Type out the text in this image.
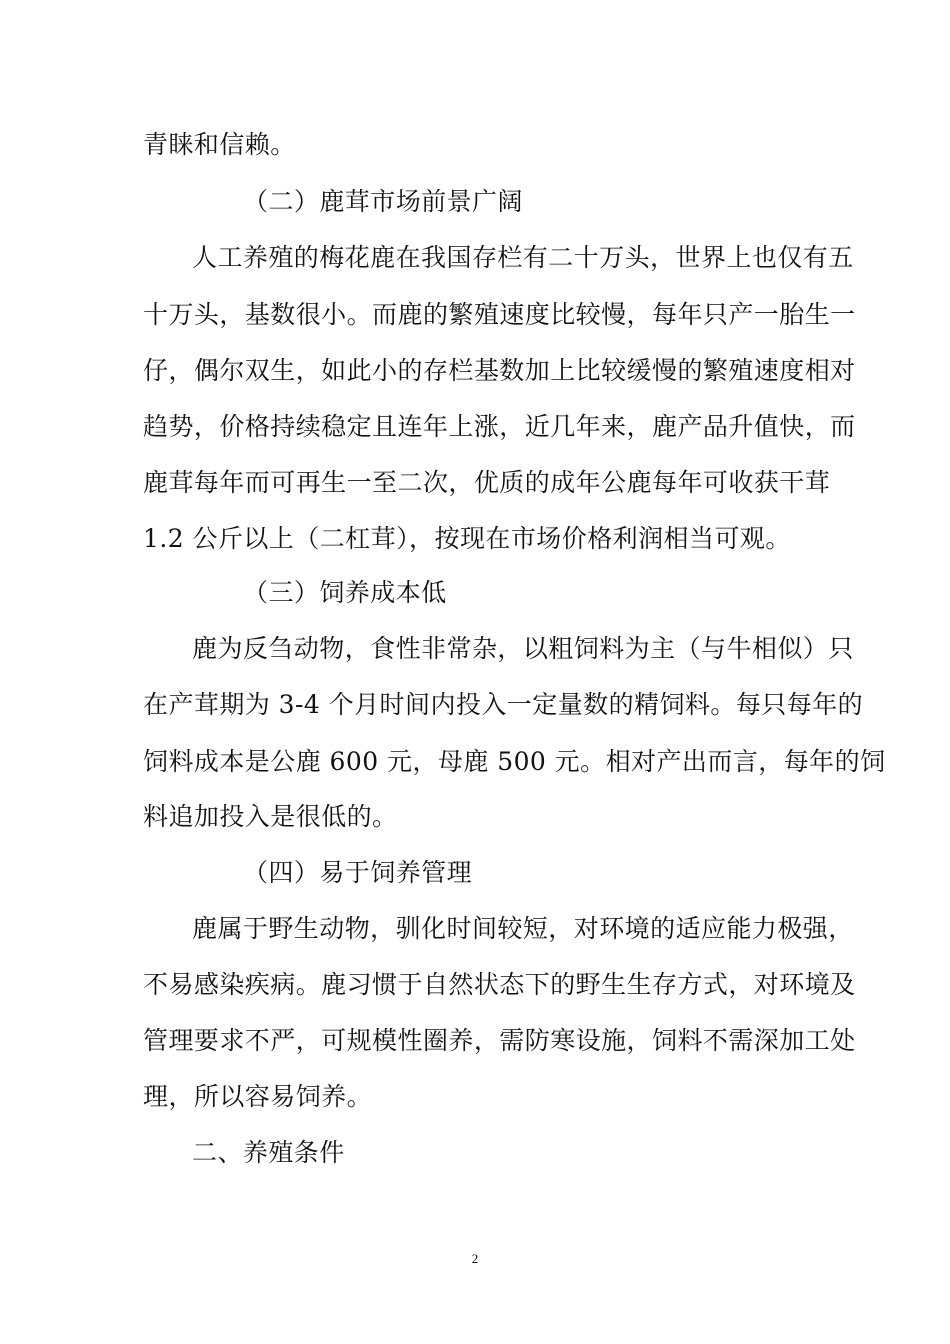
青睐和信赖。
（二）鹿茸市场前景广阔
人工养殖的梅花鹿在我国存栏有二十万头，世界上也仅有五
十万头，基数很小。而鹿的繁殖速度比较慢，每年只产一胎生一
仔，偶尔双生，如此小的存栏基数加上比较缓慢的繁殖速度相对
趋势，价格持续稳定且连年上涨，近几年来，鹿产品升值快，而
鹿茸每年而可再生一至二次，优质的成年公鹿每年可收获干茸
1.2 公斤以上（二杠茸），按现在市场价格利润相当可观。
（三）饲养成本低
鹿为反刍动物，食性非常杂，以粗饲料为主（与牛相似）只
在产茸期为 3-4 个月时间内投入一定量数的精饲料。每只每年的
饲料成本是公鹿 600 元，母鹿 500 元。相对产出而言，每年的饲
料追加投入是很低的。
（四）易于饲养管理
鹿属于野生动物，驯化时间较短，对环境的适应能力极强，
不易感染疾病。鹿习惯于自然状态下的野生生存方式，对环境及
管理要求不严，可规模性圈养，需防寒设施，饲料不需深加工处
理，所以容易饲养。
二、养殖条件
2
